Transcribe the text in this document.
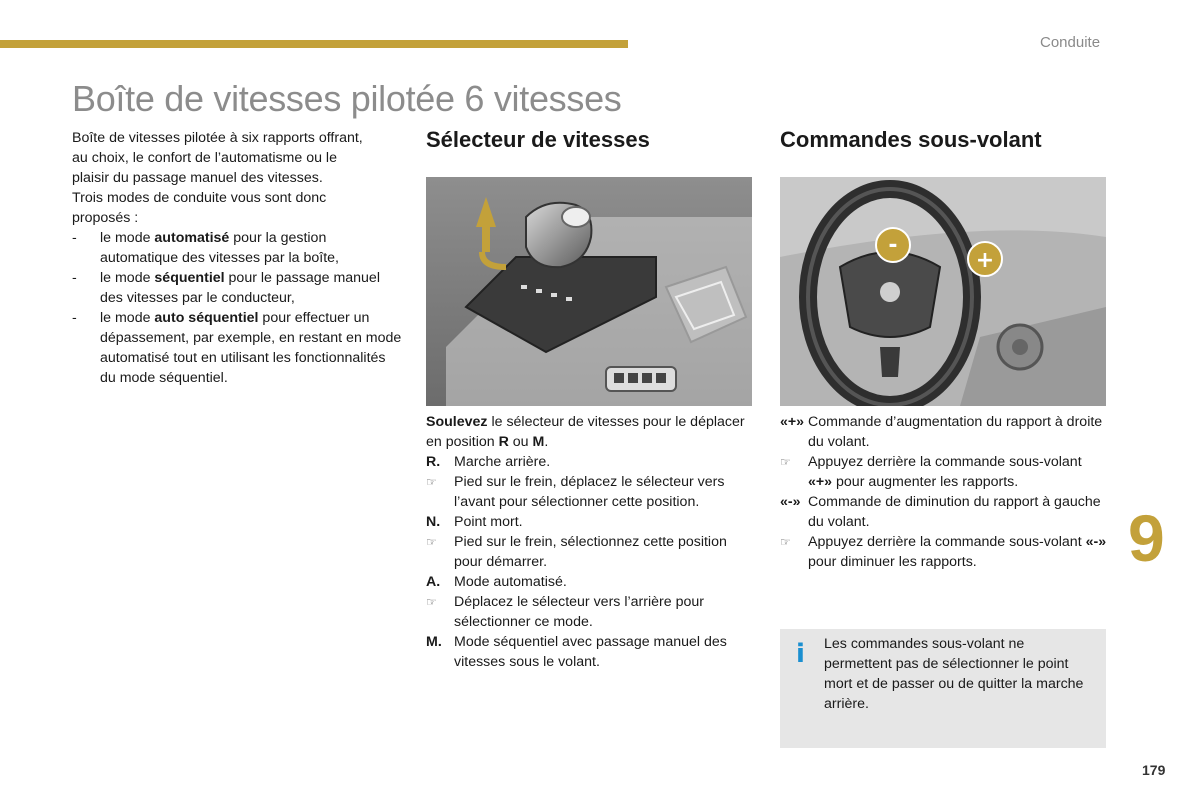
Conduite
Boîte de vitesses pilotée 6 vitesses

Boîte de vitesses pilotée à six rapports offrant,

au choix, le confort de l’automatisme ou le

plaisir du passage manuel des vitesses.

Trois modes de conduite vous sont donc

proposés :

-	le mode automatisé pour la gestion automatique des vitesses par la boîte,
-	le mode séquentiel pour le passage manuel des vitesses par le conducteur,
-	le mode auto séquentiel pour effectuer un dépassement, par exemple, en restant en mode automatisé tout en utilisant les fonctionnalités du mode séquentiel.
Sélecteur de vitesses	Commandes sous-volant
-
+

Soulevez le sélecteur de vitesses pour le déplacer en position R ou M.

R. Marche arrière.
☞	Pied sur le frein, déplacez le sélecteur vers l’avant pour sélectionner cette position.
N. Point mort.
☞	Pied sur le frein, sélectionnez cette position pour démarrer.
A. Mode automatisé.
☞	Déplacez le sélecteur vers l’arrière pour sélectionner ce mode.
M. Mode séquentiel avec passage manuel des vitesses sous le volant.
«+» Commande d’augmentation du rapport à droite du volant.
☞	Appuyez derrière la commande sous-volant «+» pour augmenter les rapports.
«-» Commande de diminution du rapport à gauche du volant.
☞	Appuyez derrière la commande sous-volant «-» pour diminuer les rapports.
i Les commandes sous-volant ne permettent pas de sélectionner le point mort et de passer ou de quitter la marche arrière.
9
179
